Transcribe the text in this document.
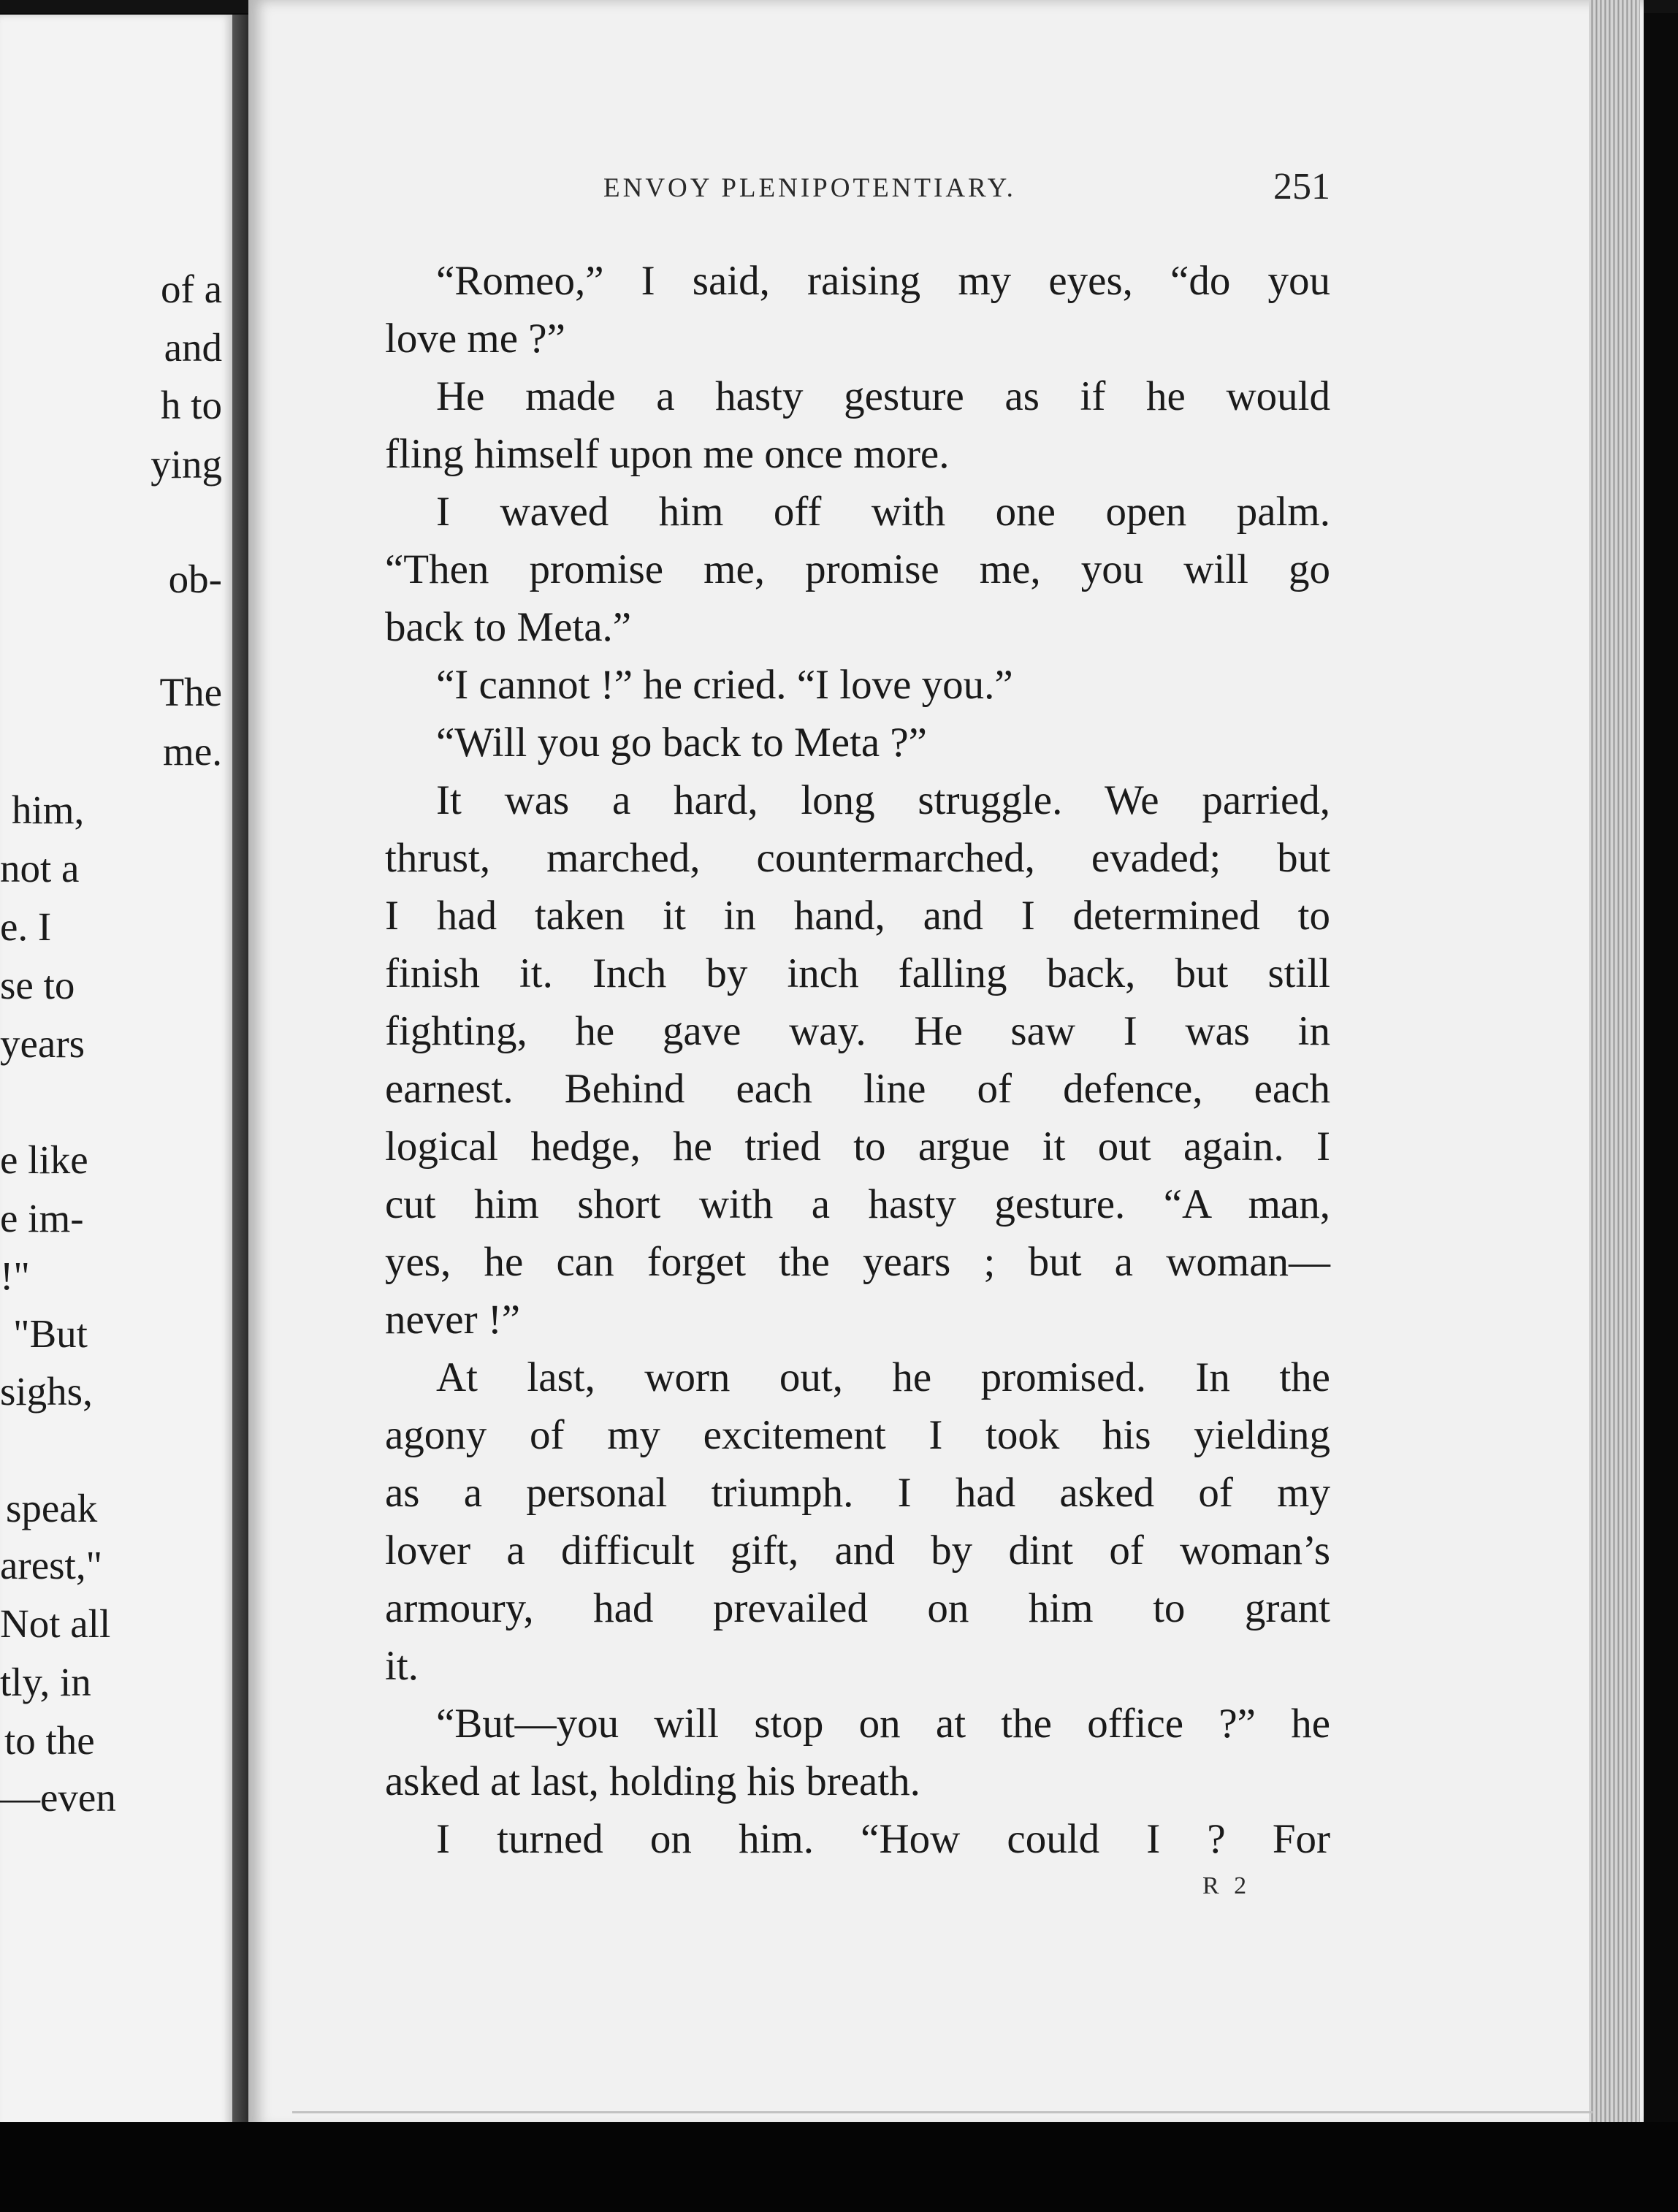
of a

and

h to

ying

ob-

The

me.

him,

not a

e. I

se to

years

e like

e im-

!"

"But

sighs,

speak

arest,"

Not all

tly, in

to the

—even

ENVOY PLENIPOTENTIARY.	251

“Romeo,” I said, raising my eyes, “do you

love me ?”

He made a hasty gesture as if he would

fling himself upon me once more.

I waved him off with one open palm.

“Then promise me, promise me, you will go

back to Meta.”

“I cannot !” he cried. “I love you.”

“Will you go back to Meta ?”

It was a hard, long struggle. We parried,

thrust, marched, countermarched, evaded; but

I had taken it in hand, and I determined to

finish it. Inch by inch falling back, but still

fighting, he gave way. He saw I was in

earnest. Behind each line of defence, each

logical hedge, he tried to argue it out again. I

cut him short with a hasty gesture. “A man,

yes, he can forget the years ; but a woman—

never !”

At last, worn out, he promised. In the

agony of my excitement I took his yielding

as a personal triumph. I had asked of my

lover a difficult gift, and by dint of woman’s

armoury, had prevailed on him to grant

it.

“But—you will stop on at the office ?” he

asked at last, holding his breath.

I turned on him. “How could I ? For

R 2
